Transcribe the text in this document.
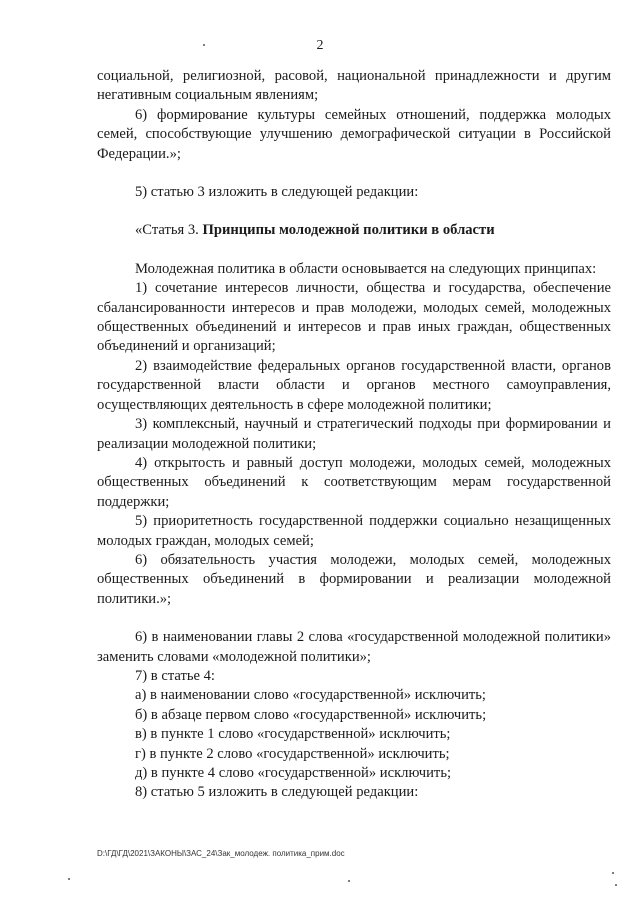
2

социальной, религиозной, расовой, национальной принадлежности и другим негативным социальным явлениям;

6) формирование культуры семейных отношений, поддержка молодых семей, способствующие улучшению демографической ситуации в Российской Федерации.»;

5) статью 3 изложить в следующей редакции:

«Статья 3. Принципы молодежной политики в области

Молодежная политика в области основывается на следующих принципах:

1) сочетание интересов личности, общества и государства, обеспечение сбалансированности интересов и прав молодежи, молодых семей, молодежных общественных объединений и интересов и прав иных граждан, общественных объединений и организаций;

2) взаимодействие федеральных органов государственной власти, органов государственной власти области и органов местного самоуправления, осуществляющих деятельность в сфере молодежной политики;

3) комплексный, научный и стратегический подходы при формировании и реализации молодежной политики;

4) открытость и равный доступ молодежи, молодых семей, молодежных общественных объединений к соответствующим мерам государственной поддержки;

5) приоритетность государственной поддержки социально незащищенных молодых граждан, молодых семей;

6) обязательность участия молодежи, молодых семей, молодежных общественных объединений в формировании и реализации молодежной политики.»;

6) в наименовании главы 2 слова «государственной молодежной политики» заменить словами «молодежной политики»;

7) в статье 4:

а) в наименовании слово «государственной» исключить;

б) в абзаце первом слово «государственной» исключить;

в) в пункте 1 слово «государственной» исключить;

г) в пункте 2 слово «государственной» исключить;

д) в пункте 4 слово «государственной» исключить;

8) статью 5 изложить в следующей редакции:

D:\ГД\ГД\2021\ЗАКОНЫ\ЗАС_24\Зак_молодеж. политика_прим.doc
